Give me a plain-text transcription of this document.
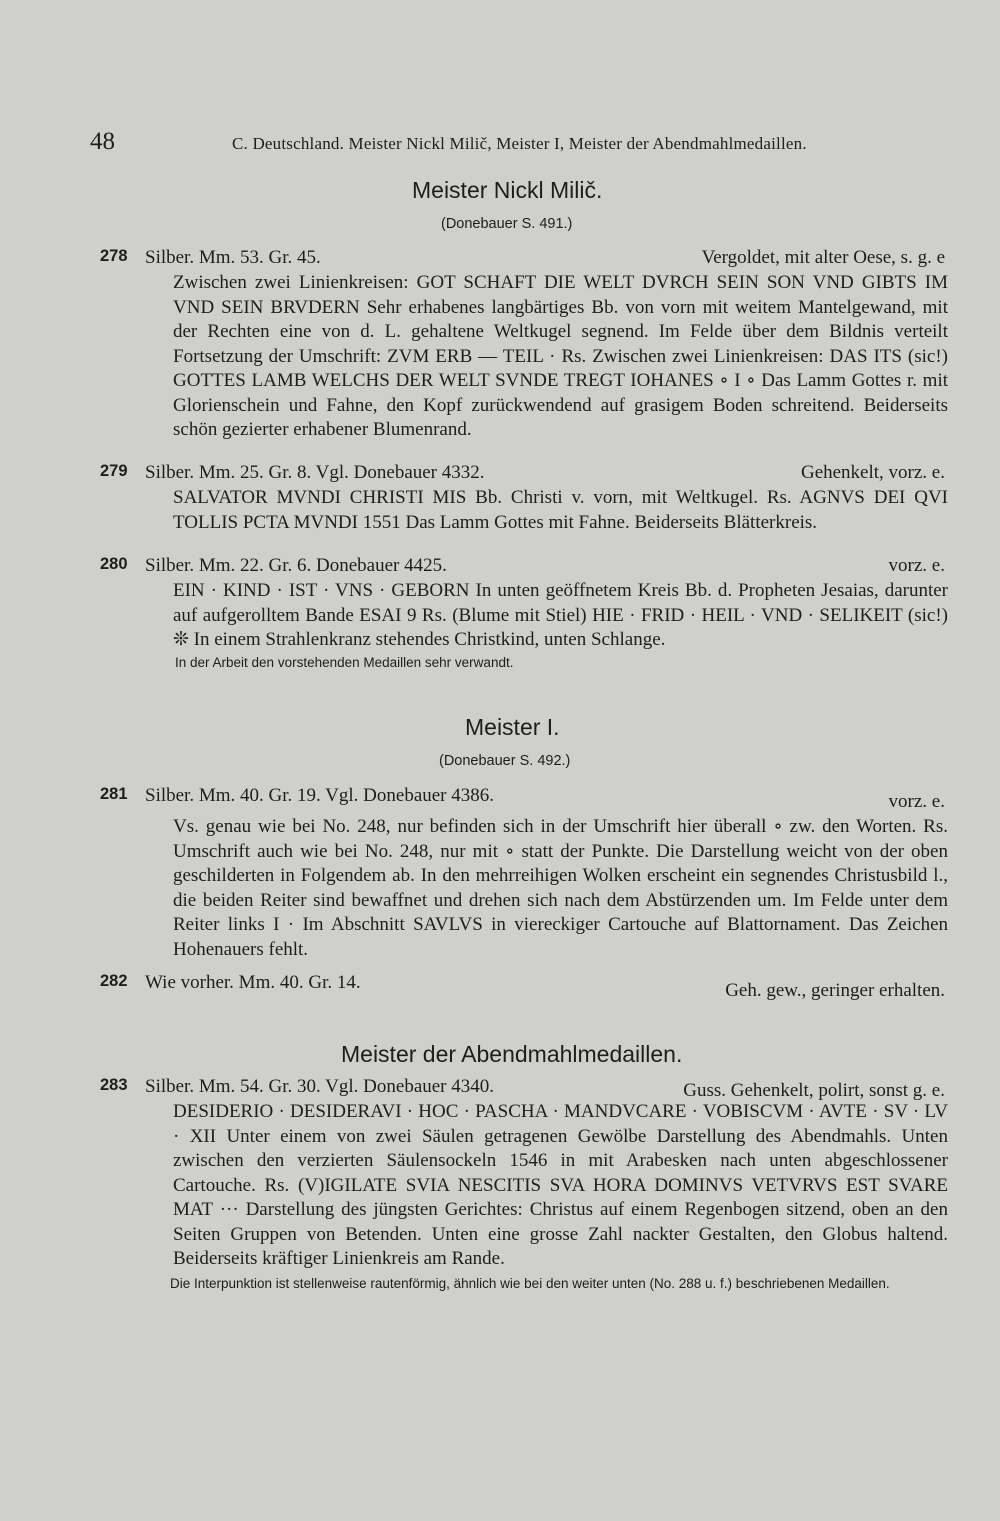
48	C. Deutschland. Meister Nickl Milič, Meister I, Meister der Abendmahlmedaillen.
Meister Nickl Milič.
(Donebauer S. 491.)
278 Silber. Mm. 53. Gr. 45.	Vergoldet, mit alter Oese, s. g. e
Zwischen zwei Linienkreisen: GOT SCHAFT DIE WELT DVRCH SEIN SON VND GIBTS IM VND SEIN BRVDERN Sehr erhabenes langbärtiges Bb. von vorn mit weitem Mantelgewand, mit der Rechten eine von d. L. gehaltene Weltkugel segnend. Im Felde über dem Bildnis verteilt Fortsetzung der Umschrift: ZVM ERB — TEIL · Rs. Zwischen zwei Linienkreisen: DAS ITS (sic!) GOTTES LAMB WELCHS DER WELT SVNDE TREGT IOHANES ∘ I ∘ Das Lamm Gottes r. mit Glorienschein und Fahne, den Kopf zurückwendend auf grasigem Boden schreitend. Beiderseits schön gezierter erhabener Blumenrand.
279 Silber. Mm. 25. Gr. 8. Vgl. Donebauer 4332.	Gehenkelt, vorz. e.
SALVATOR MVNDI CHRISTI MIS Bb. Christi v. vorn, mit Weltkugel. Rs. AGNVS DEI QVI TOLLIS PCTA MVNDI 1551 Das Lamm Gottes mit Fahne. Beiderseits Blätterkreis.
280 Silber. Mm. 22. Gr. 6. Donebauer 4425.	vorz. e.
EIN · KIND · IST · VNS · GEBORN In unten geöffnetem Kreis Bb. d. Propheten Jesaias, darunter auf aufgerolltem Bande ESAI 9 Rs. (Blume mit Stiel) HIE · FRID · HEIL · VND · SELIKEIT (sic!) ❊ In einem Strahlenkranz stehendes Christkind, unten Schlange.
In der Arbeit den vorstehenden Medaillen sehr verwandt.
Meister I.
(Donebauer S. 492.)
281 Silber. Mm. 40. Gr. 19. Vgl. Donebauer 4386.	vorz. e.
Vs. genau wie bei No. 248, nur befinden sich in der Umschrift hier überall ∘ zw. den Worten. Rs. Umschrift auch wie bei No. 248, nur mit ∘ statt der Punkte. Die Darstellung weicht von der oben geschilderten in Folgendem ab. In den mehrreihigen Wolken erscheint ein segnendes Christusbild l., die beiden Reiter sind bewaffnet und drehen sich nach dem Abstürzenden um. Im Felde unter dem Reiter links I · Im Abschnitt SAVLVS in viereckiger Cartouche auf Blattornament. Das Zeichen Hohenauers fehlt.
282 Wie vorher. Mm. 40. Gr. 14.	Geh. gew., geringer erhalten.
Meister der Abendmahlmedaillen.
283 Silber. Mm. 54. Gr. 30. Vgl. Donebauer 4340.	Guss. Gehenkelt, polirt, sonst g. e.
DESIDERIO · DESIDERAVI · HOC · PASCHA · MANDVCARE · VOBISCVM · AVTE · SV · LV · XII Unter einem von zwei Säulen getragenen Gewölbe Darstellung des Abendmahls. Unten zwischen den verzierten Säulensockeln 1546 in mit Arabesken nach unten abgeschlossener Cartouche. Rs. (V)IGILATE SVIA NESCITIS SVA HORA DOMINVS VETVRVS EST SVARE MAT ··· Darstellung des jüngsten Gerichtes: Christus auf einem Regenbogen sitzend, oben an den Seiten Gruppen von Betenden. Unten eine grosse Zahl nackter Gestalten, den Globus haltend. Beiderseits kräftiger Linienkreis am Rande.
Die Interpunktion ist stellenweise rautenförmig, ähnlich wie bei den weiter unten (No. 288 u. f.) beschriebenen Medaillen.
